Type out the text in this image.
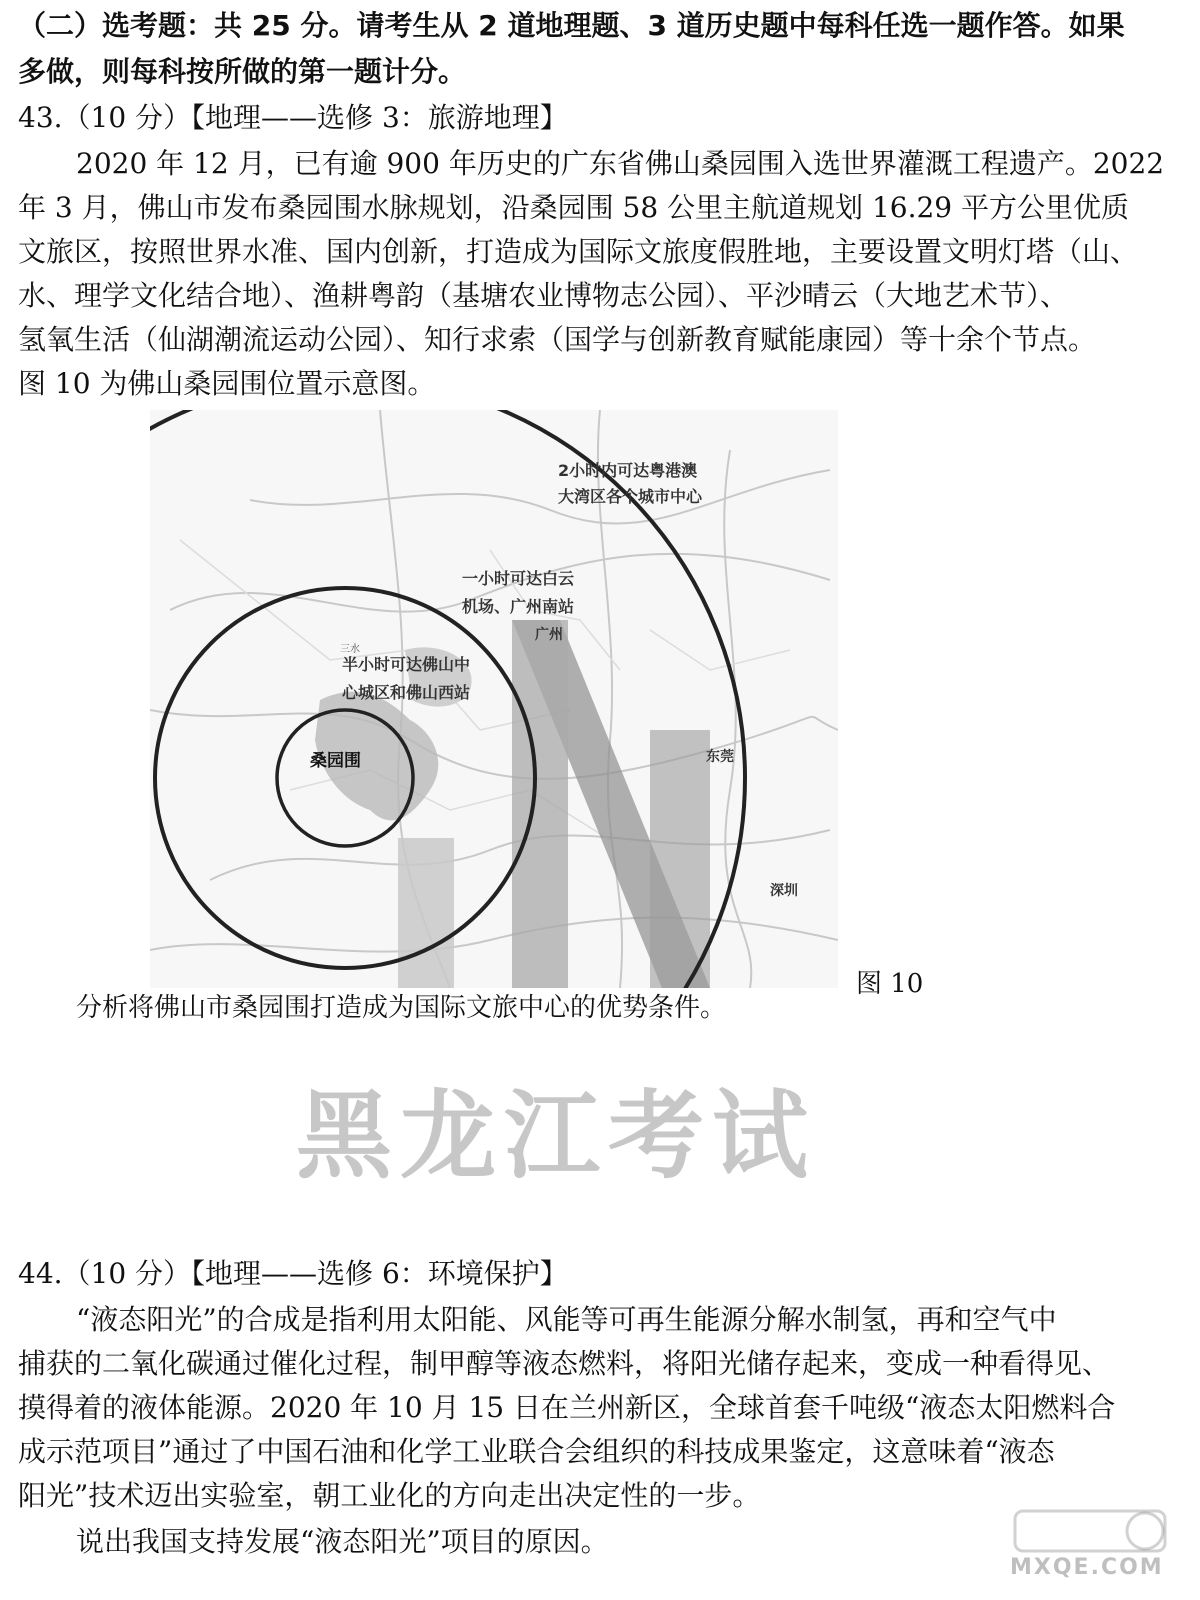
（二）选考题：共 25 分。请考生从 2 道地理题、3 道历史题中每科任选一题作答。如果
多做，则每科按所做的第一题计分。
43.（10 分）【地理——选修 3：旅游地理】
2020 年 12 月，已有逾 900 年历史的广东省佛山桑园围入选世界灌溉工程遗产。2022
年 3 月，佛山市发布桑园围水脉规划，沿桑园围 58 公里主航道规划 16.29 平方公里优质
文旅区，按照世界水准、国内创新，打造成为国际文旅度假胜地，主要设置文明灯塔（山、
水、理学文化结合地）、渔耕粤韵（基塘农业博物志公园）、平沙晴云（大地艺术节）、
氢氧生活（仙湖潮流运动公园）、知行求索（国学与创新教育赋能康园）等十余个节点。
图 10 为佛山桑园围位置示意图。
2小时内可达粤港澳
大湾区各个城市中心
一小时可达白云
机场、广州南站
广州
三水
半小时可达佛山中
心城区和佛山西站
桑园围	东莞
深圳
图 10
分析将佛山市桑园围打造成为国际文旅中心的优势条件。
黑龙江考试
44.（10 分）【地理——选修 6：环境保护】
“液态阳光”的合成是指利用太阳能、风能等可再生能源分解水制氢，再和空气中
捕获的二氧化碳通过催化过程，制甲醇等液态燃料，将阳光储存起来，变成一种看得见、
摸得着的液体能源。2020 年 10 月 15 日在兰州新区，全球首套千吨级“液态太阳燃料合
成示范项目”通过了中国石油和化学工业联合会组织的科技成果鉴定，这意味着“液态
阳光”技术迈出实验室，朝工业化的方向走出决定性的一步。
说出我国支持发展“液态阳光”项目的原因。
MXQE.COM
